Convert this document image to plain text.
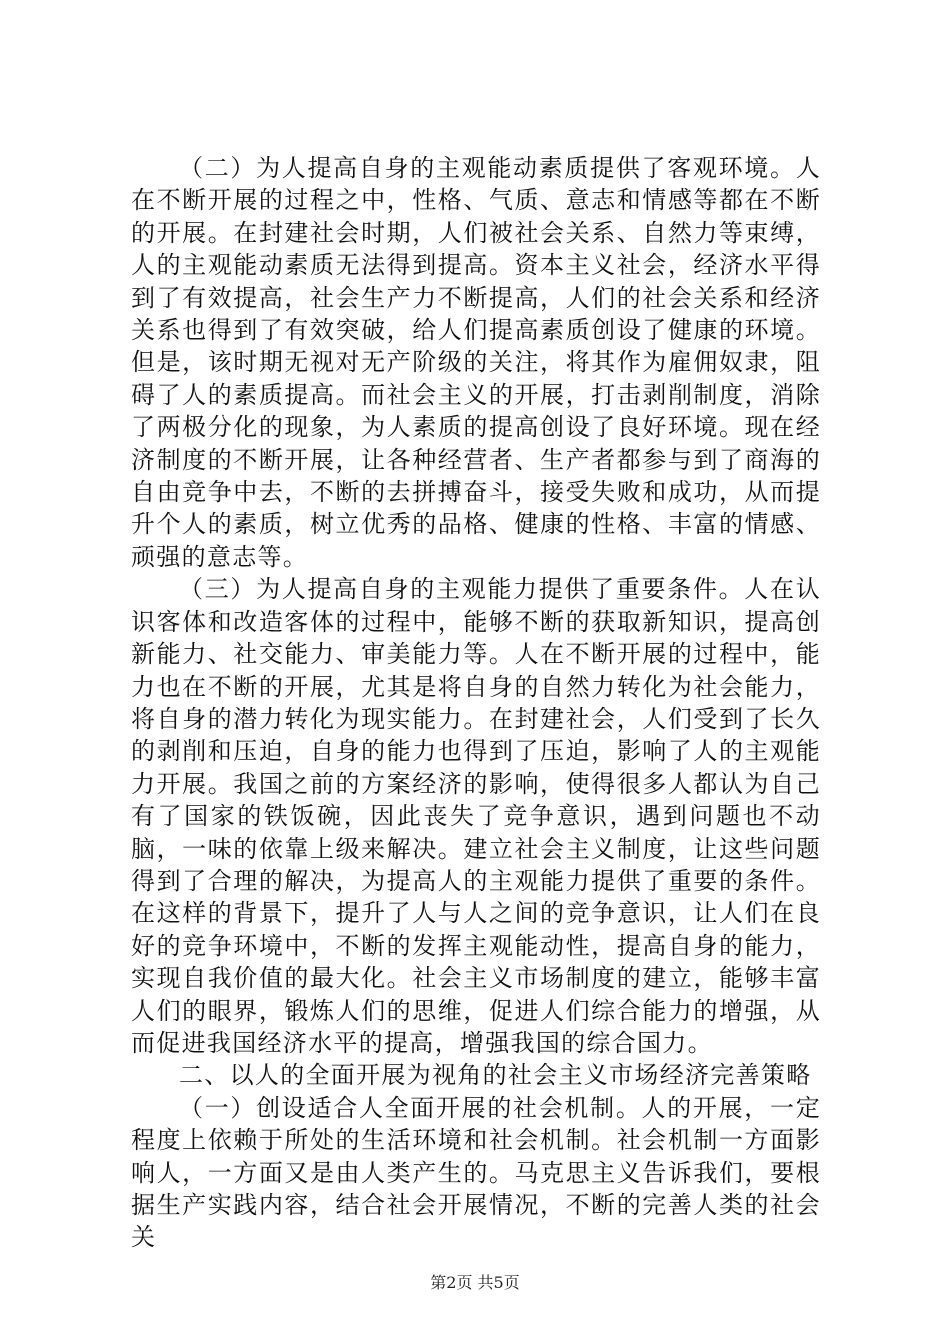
（二）为人提高自身的主观能动素质提供了客观环境。人在不断开展的过程之中，性格、气质、意志和情感等都在不断的开展。在封建社会时期，人们被社会关系、自然力等束缚，人的主观能动素质无法得到提高。资本主义社会，经济水平得到了有效提高，社会生产力不断提高，人们的社会关系和经济关系也得到了有效突破，给人们提高素质创设了健康的环境。但是，该时期无视对无产阶级的关注，将其作为雇佣奴隶，阻碍了人的素质提高。而社会主义的开展，打击剥削制度，消除了两极分化的现象，为人素质的提高创设了良好环境。现在经济制度的不断开展，让各种经营者、生产者都参与到了商海的自由竞争中去，不断的去拼搏奋斗，接受失败和成功，从而提升个人的素质，树立优秀的品格、健康的性格、丰富的情感、顽强的意志等。

（三）为人提高自身的主观能力提供了重要条件。人在认识客体和改造客体的过程中，能够不断的获取新知识，提高创新能力、社交能力、审美能力等。人在不断开展的过程中，能力也在不断的开展，尤其是将自身的自然力转化为社会能力，将自身的潜力转化为现实能力。在封建社会，人们受到了长久的剥削和压迫，自身的能力也得到了压迫，影响了人的主观能力开展。我国之前的方案经济的影响，使得很多人都认为自己有了国家的铁饭碗，因此丧失了竞争意识，遇到问题也不动脑，一味的依靠上级来解决。建立社会主义制度，让这些问题得到了合理的解决，为提高人的主观能力提供了重要的条件。在这样的背景下，提升了人与人之间的竞争意识，让人们在良好的竞争环境中，不断的发挥主观能动性，提高自身的能力，实现自我价值的最大化。社会主义市场制度的建立，能够丰富人们的眼界，锻炼人们的思维，促进人们综合能力的增强，从而促进我国经济水平的提高，增强我国的综合国力。

二、以人的全面开展为视角的社会主义市场经济完善策略

（一）创设适合人全面开展的社会机制。人的开展，一定程度上依赖于所处的生活环境和社会机制。社会机制一方面影响人，一方面又是由人类产生的。马克思主义告诉我们，要根据生产实践内容，结合社会开展情况，不断的完善人类的社会关

第2页 共5页
